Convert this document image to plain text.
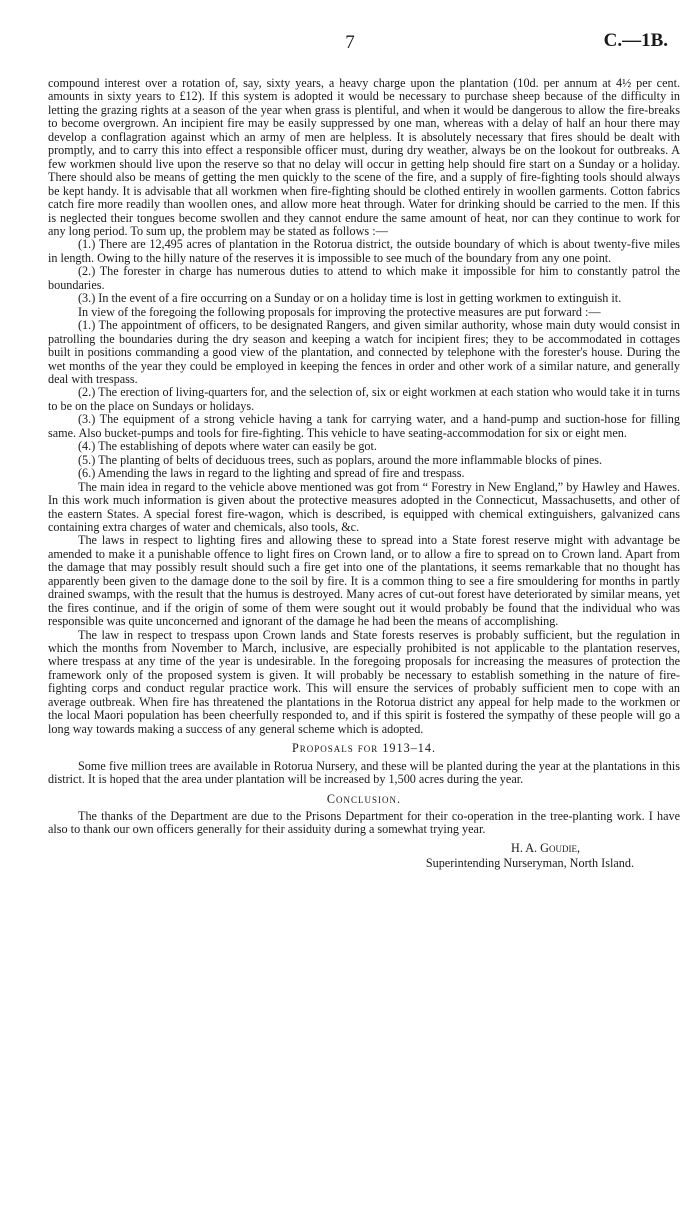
7	C.—1B.

compound interest over a rotation of, say, sixty years, a heavy charge upon the plantation (10d. per annum at 4½ per cent. amounts in sixty years to £12). If this system is adopted it would be necessary to purchase sheep because of the difficulty in letting the grazing rights at a season of the year when grass is plentiful, and when it would be dangerous to allow the fire-breaks to become overgrown. An incipient fire may be easily suppressed by one man, whereas with a delay of half an hour there may develop a conflagration against which an army of men are helpless. It is absolutely necessary that fires should be dealt with promptly, and to carry this into effect a responsible officer must, during dry weather, always be on the lookout for outbreaks. A few workmen should live upon the reserve so that no delay will occur in getting help should fire start on a Sunday or a holiday. There should also be means of getting the men quickly to the scene of the fire, and a supply of fire-fighting tools should always be kept handy. It is advisable that all workmen when fire-fighting should be clothed entirely in woollen garments. Cotton fabrics catch fire more readily than woollen ones, and allow more heat through. Water for drinking should be carried to the men. If this is neglected their tongues become swollen and they cannot endure the same amount of heat, nor can they continue to work for any long period. To sum up, the problem may be stated as follows :—

(1.) There are 12,495 acres of plantation in the Rotorua district, the outside boundary of which is about twenty-five miles in length. Owing to the hilly nature of the reserves it is impossible to see much of the boundary from any one point.

(2.) The forester in charge has numerous duties to attend to which make it impossible for him to constantly patrol the boundaries.

(3.) In the event of a fire occurring on a Sunday or on a holiday time is lost in getting workmen to extinguish it.

In view of the foregoing the following proposals for improving the protective measures are put forward :—

(1.) The appointment of officers, to be designated Rangers, and given similar authority, whose main duty would consist in patrolling the boundaries during the dry season and keeping a watch for incipient fires; they to be accommodated in cottages built in positions commanding a good view of the plantation, and connected by telephone with the forester's house. During the wet months of the year they could be employed in keeping the fences in order and other work of a similar nature, and generally deal with trespass.

(2.) The erection of living-quarters for, and the selection of, six or eight workmen at each station who would take it in turns to be on the place on Sundays or holidays.

(3.) The equipment of a strong vehicle having a tank for carrying water, and a hand-pump and suction-hose for filling same. Also bucket-pumps and tools for fire-fighting. This vehicle to have seating-accommodation for six or eight men.

(4.) The establishing of depots where water can easily be got.

(5.) The planting of belts of deciduous trees, such as poplars, around the more inflammable blocks of pines.

(6.) Amending the laws in regard to the lighting and spread of fire and trespass.

The main idea in regard to the vehicle above mentioned was got from “ Forestry in New England,” by Hawley and Hawes. In this work much information is given about the protective measures adopted in the Connecticut, Massachusetts, and other of the eastern States. A special forest fire-wagon, which is described, is equipped with chemical extinguishers, galvanized cans containing extra charges of water and chemicals, also tools, &c.

The laws in respect to lighting fires and allowing these to spread into a State forest reserve might with advantage be amended to make it a punishable offence to light fires on Crown land, or to allow a fire to spread on to Crown land. Apart from the damage that may possibly result should such a fire get into one of the plantations, it seems remarkable that no thought has apparently been given to the damage done to the soil by fire. It is a common thing to see a fire smouldering for months in partly drained swamps, with the result that the humus is destroyed. Many acres of cut-out forest have deteriorated by similar means, yet the fires continue, and if the origin of some of them were sought out it would probably be found that the individual who was responsible was quite unconcerned and ignorant of the damage he had been the means of accomplishing.

The law in respect to trespass upon Crown lands and State forests reserves is probably sufficient, but the regulation in which the months from November to March, inclusive, are especially prohibited is not applicable to the plantation reserves, where trespass at any time of the year is undesirable. In the foregoing proposals for increasing the measures of protection the framework only of the proposed system is given. It will probably be necessary to establish something in the nature of fire-fighting corps and conduct regular practice work. This will ensure the services of probably sufficient men to cope with an average outbreak. When fire has threatened the plantations in the Rotorua district any appeal for help made to the workmen or the local Maori population has been cheerfully responded to, and if this spirit is fostered the sympathy of these people will go a long way towards making a success of any general scheme which is adopted.

Proposals for 1913–14.

Some five million trees are available in Rotorua Nursery, and these will be planted during the year at the plantations in this district. It is hoped that the area under plantation will be increased by 1,500 acres during the year.

Conclusion.

The thanks of the Department are due to the Prisons Department for their co-operation in the tree-planting work. I have also to thank our own officers generally for their assiduity during a somewhat trying year.

H. A. Goudie,
Superintending Nurseryman, North Island.
